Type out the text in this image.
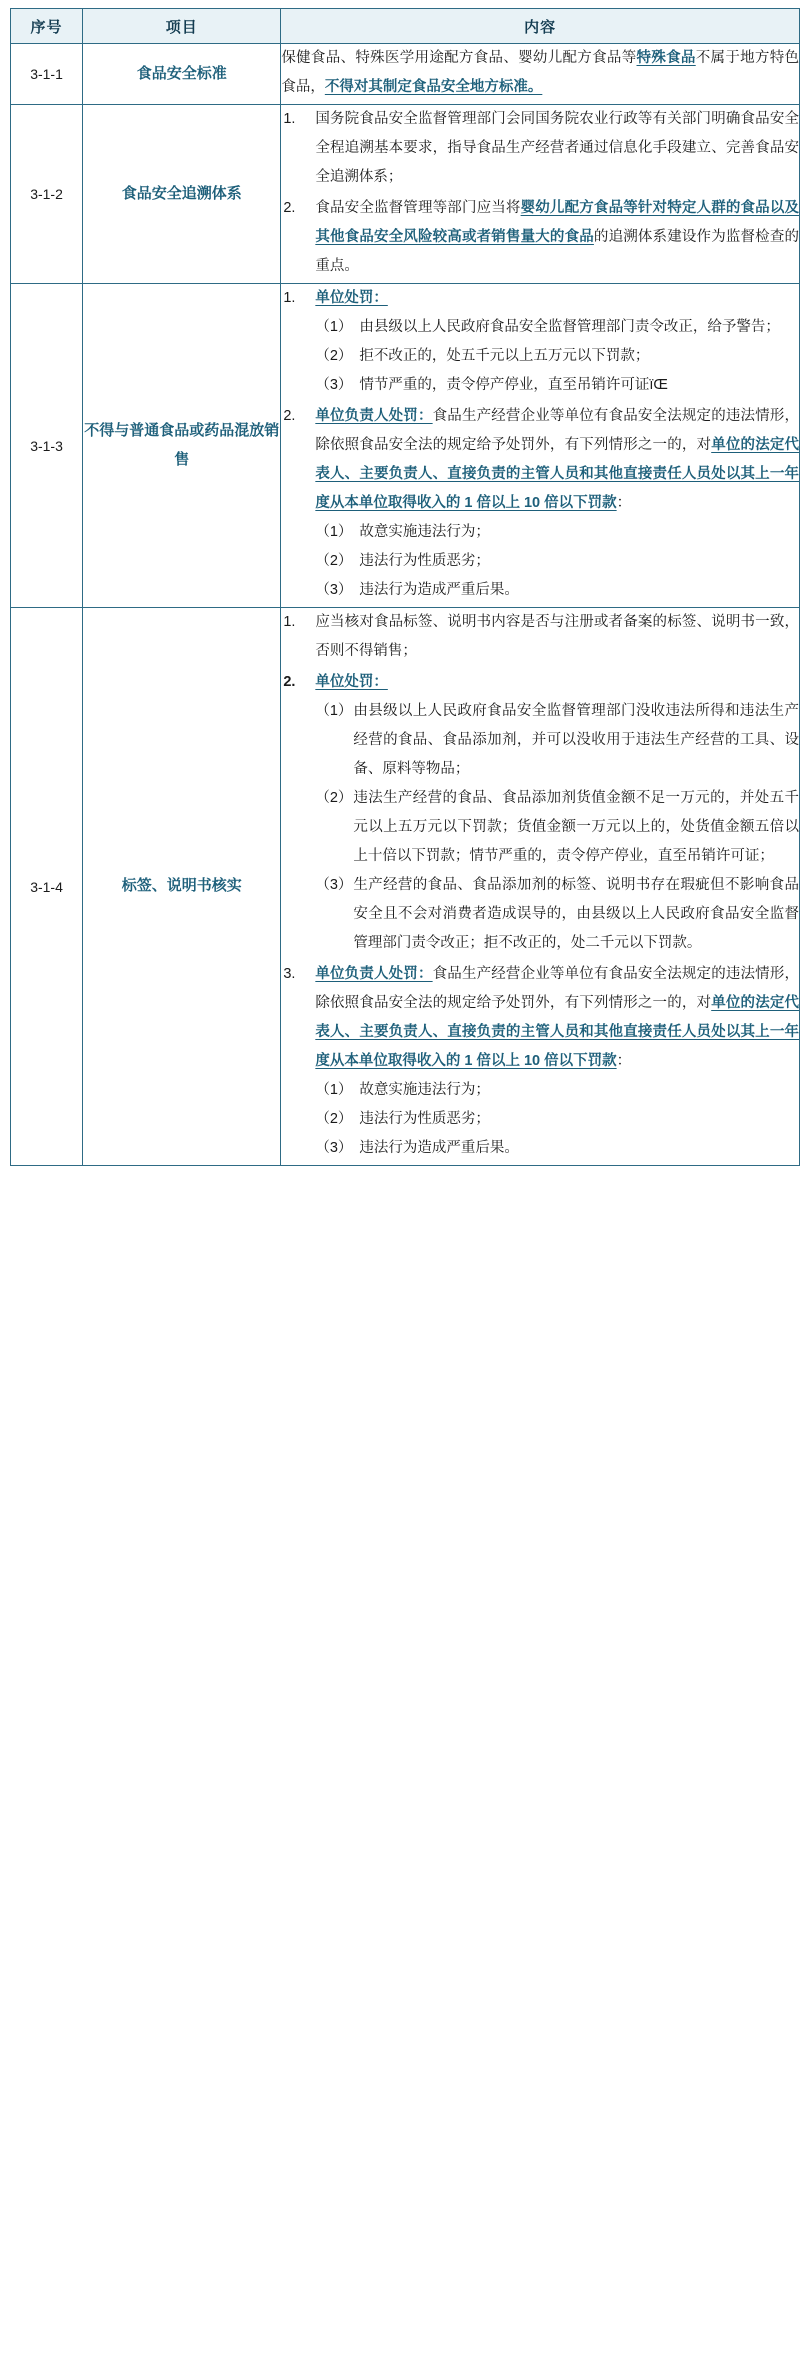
序号	项目	内容
3-1-1	食品安全标准	保健食品、特殊医学用途配方食品、婴幼儿配方食品等特殊食品不属于地方特色食品，不得对其制定食品安全地方标准。

3-1-2	食品安全追溯体系	
1.	国务院食品安全监督管理部门会同国务院农业行政等有关部门明确食品安全全程追溯基本要求，指导食品生产经营者通过信息化手段建立、完善食品安全追溯体系；
2.	食品安全监督管理等部门应当将婴幼儿配方食品等针对特定人群的食品以及其他食品安全风险较高或者销售量大的食品的追溯体系建设作为监督检查的重点。

3-1-3	不得与普通食品或药品混放销售	
1.	单位处罚：
（1） 由县级以上人民政府食品安全监督管理部门责令改正，给予警告；
（2） 拒不改正的，处五千元以上五万元以下罚款；
（3） 情节严重的，责令停产停业，直至吊销许可证ïŒ
2.	单位负责人处罚：食品生产经营企业等单位有食品安全法规定的违法情形，除依照食品安全法的规定给予处罚外，有下列情形之一的，对单位的法定代表人、主要负责人、直接负责的主管人员和其他直接责任人员处以其上一年度从本单位取得收入的 1 倍以上 10 倍以下罚款：
（1） 故意实施违法行为；
（2） 违法行为性质恶劣；
（3） 违法行为造成严重后果。

3-1-4	标签、说明书核实	
1.	应当核对食品标签、说明书内容是否与注册或者备案的标签、说明书一致，否则不得销售；
2.	单位处罚：
（1） 由县级以上人民政府食品安全监督管理部门没收违法所得和违法生产经营的食品、食品添加剂，并可以没收用于违法生产经营的工具、设备、原料等物品；
（2） 违法生产经营的食品、食品添加剂货值金额不足一万元的，并处五千元以上五万元以下罚款；货值金额一万元以上的，处货值金额五倍以上十倍以下罚款；情节严重的，责令停产停业，直至吊销许可证；
（3） 生产经营的食品、食品添加剂的标签、说明书存在瑕疵但不影响食品安全且不会对消费者造成误导的，由县级以上人民政府食品安全监督管理部门责令改正；拒不改正的，处二千元以下罚款。
3.	单位负责人处罚：食品生产经营企业等单位有食品安全法规定的违法情形，除依照食品安全法的规定给予处罚外，有下列情形之一的，对单位的法定代表人、主要负责人、直接负责的主管人员和其他直接责任人员处以其上一年度从本单位取得收入的 1 倍以上 10 倍以下罚款：
（1） 故意实施违法行为；
（2） 违法行为性质恶劣；
（3） 违法行为造成严重后果。
